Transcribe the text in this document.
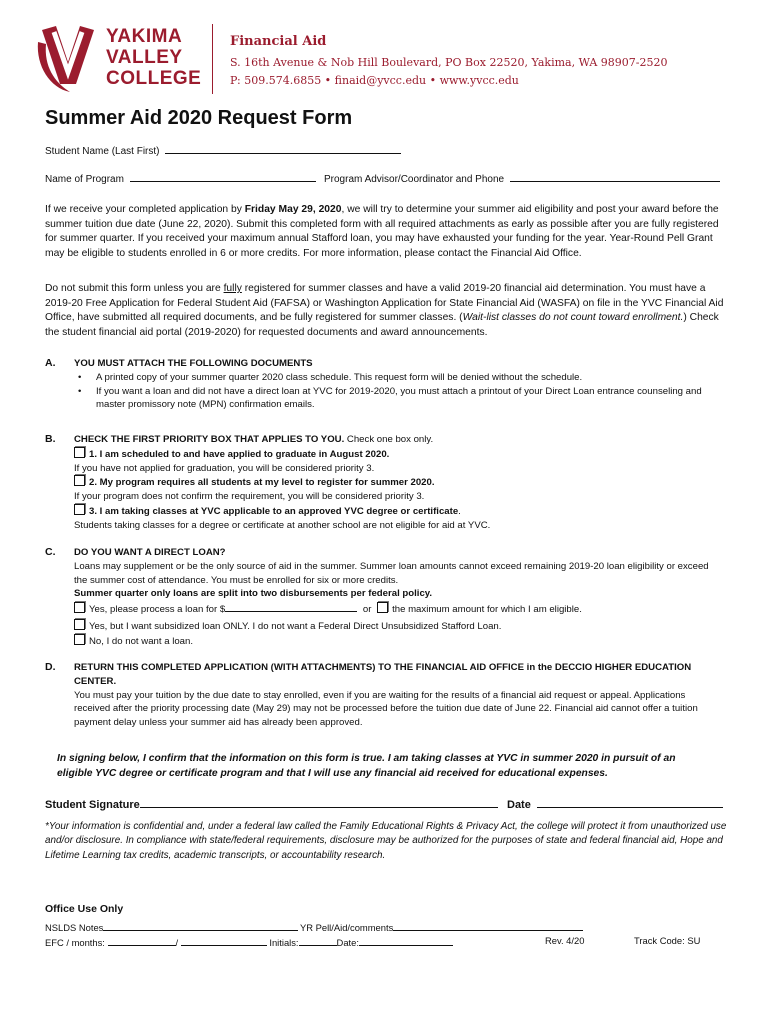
YAKIMA
VALLEY
COLLEGE
Financial Aid
S. 16th Avenue & Nob Hill Boulevard, PO Box 22520, Yakima, WA 98907-2520
P: 509.574.6855 • finaid@yvcc.edu • www.yvcc.edu
Summer Aid 2020 Request Form
Student Name (Last First)
Name of Program	Program Advisor/Coordinator and Phone
If we receive your completed application by Friday May 29, 2020, we will try to determine your summer aid eligibility and post your award before the summer tuition due date (June 22, 2020). Submit this completed form with all required attachments as early as possible after you are fully registered for summer quarter. If you received your maximum annual Stafford loan, you may have exhausted your funding for the year. Year-Round Pell Grant may be eligible to students enrolled in 6 or more credits. For more information, please contact the Financial Aid Office.
Do not submit this form unless you are fully registered for summer classes and have a valid 2019-20 financial aid determination. You must have a 2019-20 Free Application for Federal Student Aid (FAFSA) or Washington Application for State Financial Aid (WASFA) on file in the YVC Financial Aid Office, have submitted all required documents, and be fully registered for summer classes. (Wait-list classes do not count toward enrollment.) Check the student financial aid portal (2019-2020) for requested documents and award announcements.
A. YOU MUST ATTACH THE FOLLOWING DOCUMENTS
• A printed copy of your summer quarter 2020 class schedule. This request form will be denied without the schedule.
• If you want a loan and did not have a direct loan at YVC for 2019-2020, you must attach a printout of your Direct Loan entrance counseling and master promissory note (MPN) confirmation emails.
B. CHECK THE FIRST PRIORITY BOX THAT APPLIES TO YOU. Check one box only.
1. I am scheduled to and have applied to graduate in August 2020.
If you have not applied for graduation, you will be considered priority 3.
2. My program requires all students at my level to register for summer 2020.
If your program does not confirm the requirement, you will be considered priority 3.
3. I am taking classes at YVC applicable to an approved YVC degree or certificate.
Students taking classes for a degree or certificate at another school are not eligible for aid at YVC.
C. DO YOU WANT A DIRECT LOAN?
Loans may supplement or be the only source of aid in the summer. Summer loan amounts cannot exceed remaining 2019-20 loan eligibility or exceed the summer cost of attendance. You must be enrolled for six or more credits.
Summer quarter only loans are split into two disbursements per federal policy.
Yes, please process a loan for $	or the maximum amount for which I am eligible.
Yes, but I want subsidized loan ONLY. I do not want a Federal Direct Unsubsidized Stafford Loan.
No, I do not want a loan.
D. RETURN THIS COMPLETED APPLICATION (WITH ATTACHMENTS) TO THE FINANCIAL AID OFFICE in the DECCIO HIGHER EDUCATION
CENTER.
You must pay your tuition by the due date to stay enrolled, even if you are waiting for the results of a financial aid request or appeal. Applications received after the priority processing date (May 29) may not be processed before the tuition due date of June 22. Financial aid cannot offer a tuition payment delay unless your summer aid has already been approved.
In signing below, I confirm that the information on this form is true. I am taking classes at YVC in summer 2020 in pursuit of an eligible YVC degree or certificate program and that I will use any financial aid received for educational expenses.
Student Signature	Date
*Your information is confidential and, under a federal law called the Family Educational Rights & Privacy Act, the college will protect it from unauthorized use and/or disclosure. In compliance with state/federal requirements, disclosure may be authorized for the purposes of state and federal financial aid, Hope and Lifetime Learning tax credits, academic transcripts, or accountability research.
Office Use Only
NSLDS Notes	YR Pell/Aid/comments
EFC / months:	/	Initials:	Date:	Rev. 4/20	Track Code: SU
